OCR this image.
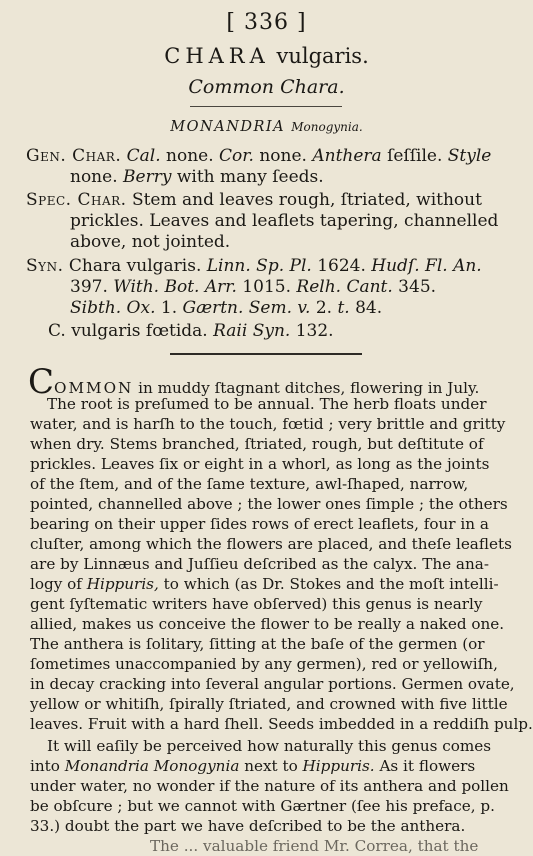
[ 336 ]
CHARA vulgaris.
Common Chara.
MONANDRIA Monogynia.
Gen. Char. Cal. none. Cor. none. Anthera ſeſſile. Style
none. Berry with many ſeeds.
Spec. Char. Stem and leaves rough, ſtriated, without
prickles. Leaves and leaflets tapering, channelled
above, not jointed.
Syn. Chara vulgaris. Linn. Sp. Pl. 1624. Hudſ. Fl. An.
397. With. Bot. Arr. 1015. Relh. Cant. 345.
Sibth. Ox. 1. Gærtn. Sem. v. 2. t. 84.
C. vulgaris fœtida. Raii Syn. 132.
COMMON in muddy ſtagnant ditches, flowering in July.
The root is preſumed to be annual. The herb floats under
water, and is harſh to the touch, fœtid ; very brittle and gritty
when dry. Stems branched, ſtriated, rough, but deſtitute of
prickles. Leaves ſix or eight in a whorl, as long as the joints
of the ſtem, and of the ſame texture, awl-ſhaped, narrow,
pointed, channelled above ; the lower ones ſimple ; the others
bearing on their upper ſides rows of erect leaflets, four in a
cluſter, among which the flowers are placed, and theſe leaflets
are by Linnæus and Juſſieu deſcribed as the calyx. The ana-
logy of Hippuris, to which (as Dr. Stokes and the moſt intelli-
gent ſyſtematic writers have obſerved) this genus is nearly
allied, makes us conceive the flower to be really a naked one.
The anthera is ſolitary, ſitting at the baſe of the germen (or
ſometimes unaccompanied by any germen), red or yellowiſh,
in decay cracking into ſeveral angular portions. Germen ovate,
yellow or whitiſh, ſpirally ſtriated, and crowned with five little
leaves. Fruit with a hard ſhell. Seeds imbedded in a reddiſh pulp.
It will eaſily be perceived how naturally this genus comes
into Monandria Monogynia next to Hippuris. As it flowers
under water, no wonder if the nature of its anthera and pollen
be obſcure ; but we cannot with Gærtner (ſee his preface, p.
33.) doubt the part we have deſcribed to be the anthera.
The ... valuable friend Mr. Correa, that the
